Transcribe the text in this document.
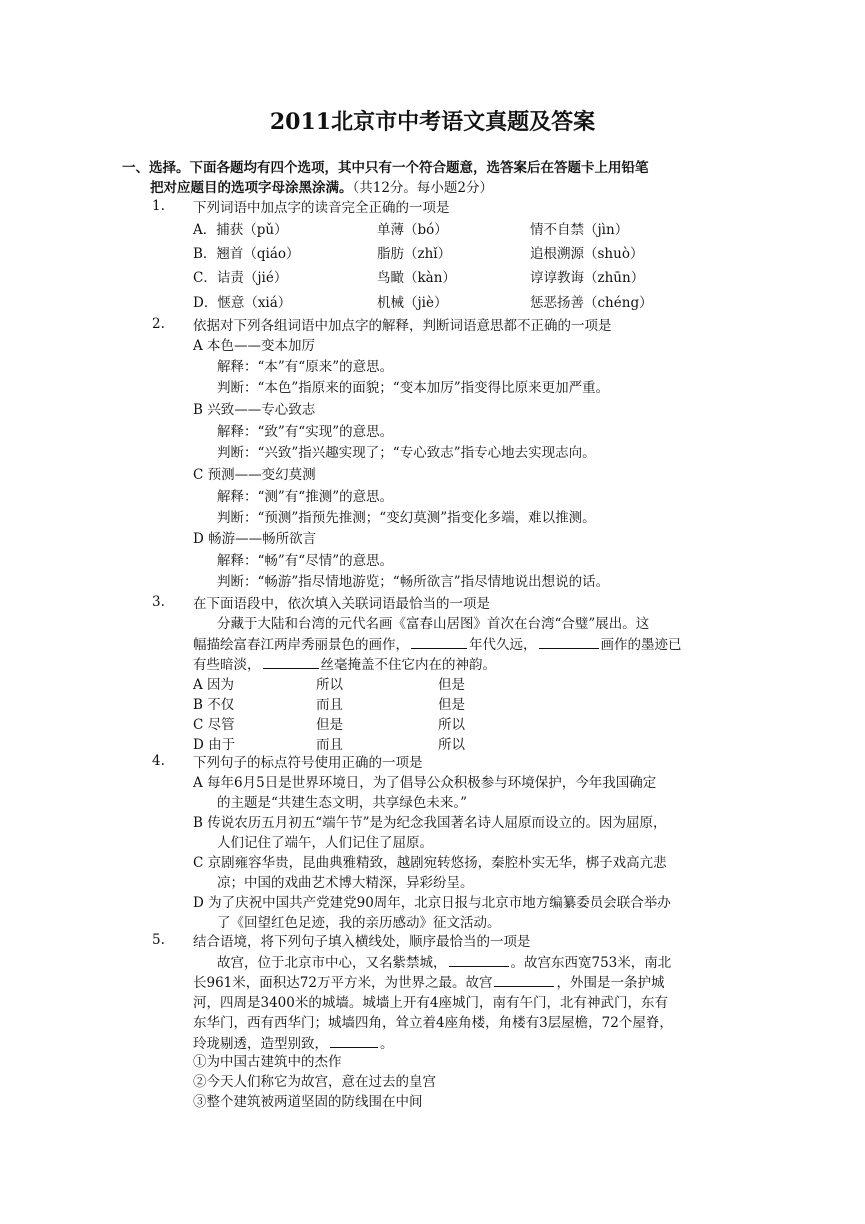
2011北京市中考语文真题及答案
一、选择。下面各题均有四个选项，其中只有一个符合题意，选答案后在答题卡上用铅笔
把对应题目的选项字母涂黑涂满。（共12分。每小题2分）
1. 下列词语中加点字的读音完全正确的一项是
A．捕获（pǔ）	单薄（bó）	情不自禁（jìn）
B．翘首（qiáo）	脂肪（zhǐ）	追根溯源（shuò）
C．诘责（jié）	鸟瞰（kàn）	谆谆教诲（zhūn）
D．惬意（xiá）	机械（jiè）	惩恶扬善（chéng）
2. 依据对下列各组词语中加点字的解释，判断词语意思都不正确的一项是
A 本色——变本加厉
解释：“本”有“原来”的意思。
判断：“本色”指原来的面貌；“变本加厉”指变得比原来更加严重。
B 兴致——专心致志
解释：“致”有“实现”的意思。
判断：“兴致”指兴趣实现了；“专心致志”指专心地去实现志向。
C 预测——变幻莫测
解释：“测”有“推测”的意思。
判断：“预测”指预先推测；“变幻莫测”指变化多端，难以推测。
D 畅游——畅所欲言
解释：“畅”有“尽情”的意思。
判断：“畅游”指尽情地游览；“畅所欲言”指尽情地说出想说的话。
3. 在下面语段中，依次填入关联词语最恰当的一项是
分藏于大陆和台湾的元代名画《富春山居图》首次在台湾“合璧”展出。这
幅描绘富春江两岸秀丽景色的画作，	年代久远，	画作的墨迹已
有些暗淡，	丝毫掩盖不住它内在的神韵。
A 因为	所以	但是
B 不仅	而且	但是
C 尽管	但是	所以
D 由于	而且	所以
4. 下列句子的标点符号使用正确的一项是
A 每年6月5日是世界环境日，为了倡导公众积极参与环境保护，今年我国确定
的主题是“共建生态文明，共享绿色未来。”
B 传说农历五月初五“端午节”是为纪念我国著名诗人屈原而设立的。因为屈原，
人们记住了端午，人们记住了屈原。
C 京剧雍容华贵，昆曲典雅精致，越剧宛转悠扬，秦腔朴实无华，梆子戏高亢悲
凉；中国的戏曲艺术博大精深，异彩纷呈。
D 为了庆祝中国共产党建党90周年，北京日报与北京市地方编纂委员会联合举办
了《回望红色足迹，我的亲历感动》征文活动。
5. 结合语境，将下列句子填入横线处，顺序最恰当的一项是
故宫，位于北京市中心，又名紫禁城，	。故宫东西宽753米，南北
长961米，面积达72万平方米，为世界之最。故宫	，外围是一条护城
河，四周是3400米的城墙。城墙上开有4座城门，南有午门，北有神武门，东有
东华门，西有西华门；城墙四角，耸立着4座角楼，角楼有3层屋檐，72个屋脊，
玲珑剔透，造型别致，	。
①为中国古建筑中的杰作
②今天人们称它为故宫，意在过去的皇宫
③整个建筑被两道坚固的防线围在中间
